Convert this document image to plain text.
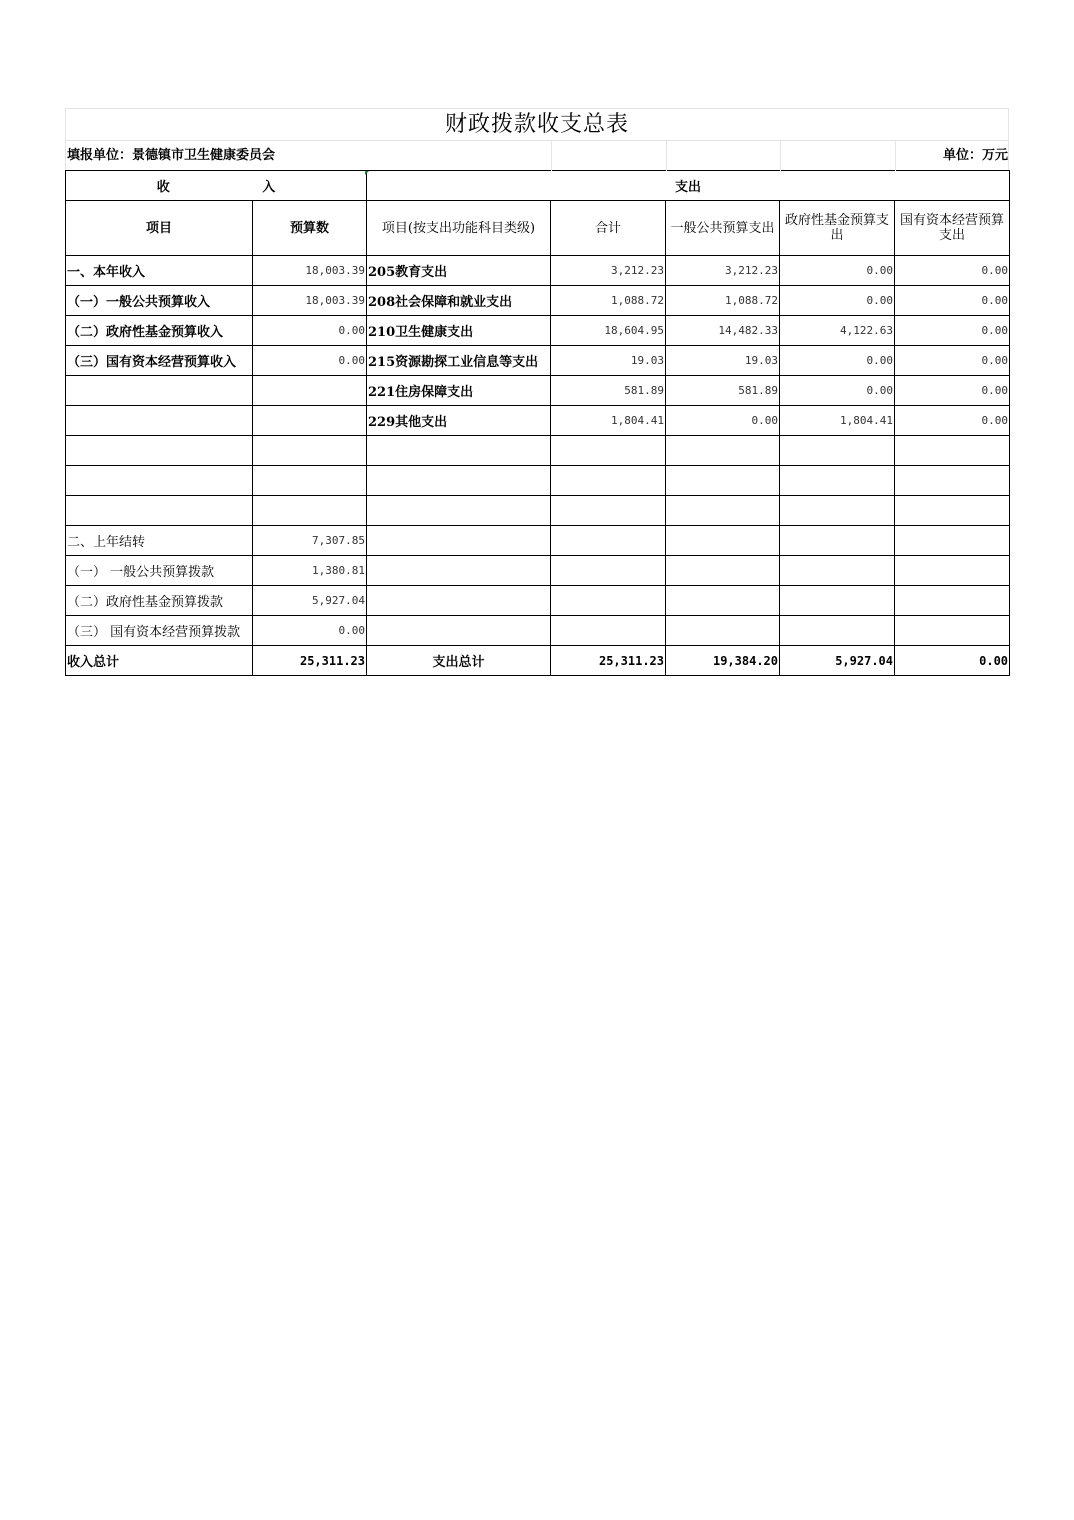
财政拨款收支总表
填报单位：景德镇市卫生健康委员会	单位：万元
收 入		支出				
项目	预算数	项目(按支出功能科目类级)	合计	一般公共预算支出	政府性基金预算支出	国有资本经营预算支出
一、本年收入	18,003.39	205教育支出	3,212.23	3,212.23	0.00	0.00
（一）一般公共预算收入	18,003.39	208社会保障和就业支出	1,088.72	1,088.72	0.00	0.00
（二）政府性基金预算收入	0.00	210卫生健康支出	18,604.95	14,482.33	4,122.63	0.00
（三）国有资本经营预算收入	0.00	215资源勘探工业信息等支出	19.03	19.03	0.00	0.00
		221住房保障支出	581.89	581.89	0.00	0.00
		229其他支出	1,804.41	0.00	1,804.41	0.00

二、上年结转	7,307.85					
（一） 一般公共预算拨款	1,380.81					
（二）政府性基金预算拨款	5,927.04					
（三） 国有资本经营预算拨款	0.00					
收入总计	25,311.23	支出总计	25,311.23	19,384.20	5,927.04	0.00
